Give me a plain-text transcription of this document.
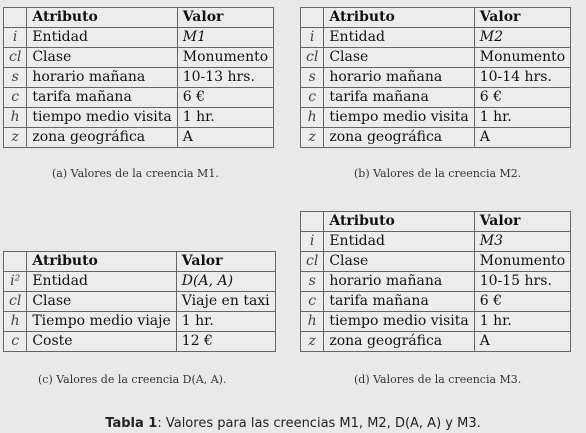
	Atributo	Valor
i	Entidad	M1
cl	Clase	Monumento
s	horario mañana	10-13 hrs.
c	tarifa mañana	6 €
h	tiempo medio visita	1 hr.
z	zona geográfica	A
(a) Valores de la creencia M1.
	Atributo	Valor
i	Entidad	M2
cl	Clase	Monumento
s	horario mañana	10-14 hrs.
c	tarifa mañana	6 €
h	tiempo medio visita	1 hr.
z	zona geográfica	A
(b) Valores de la creencia M2.
	Atributo	Valor
i²	Entidad	D(A, A)
cl	Clase	Viaje en taxi
h	Tiempo medio viaje	1 hr.
c	Coste	12 €
(c) Valores de la creencia D(A, A).
	Atributo	Valor
i	Entidad	M3
cl	Clase	Monumento
s	horario mañana	10-15 hrs.
c	tarifa mañana	6 €
h	tiempo medio visita	1 hr.
z	zona geográfica	A
(d) Valores de la creencia M3.
Tabla 1: Valores para las creencias M1, M2, D(A, A) y M3.
